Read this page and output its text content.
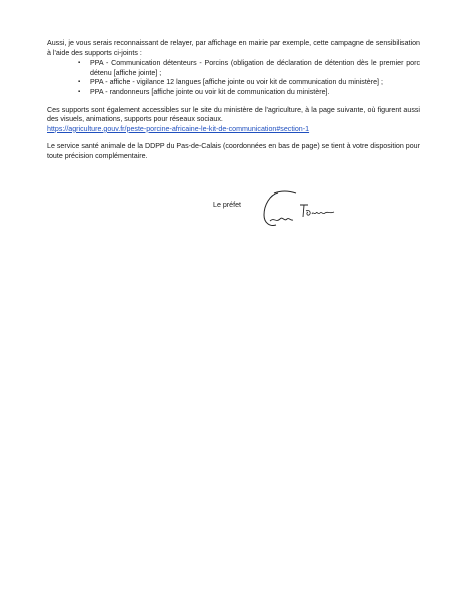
Aussi, je vous serais reconnaissant de relayer, par affichage en mairie par exemple, cette campagne de sensibilisation à l'aide des supports ci-joints :

▪ PPA - Communication détenteurs - Porcins (obligation de déclaration de détention dès le premier porc détenu [affiche jointe] ;
▪ PPA - affiche - vigilance 12 langues [affiche jointe ou voir kit de communication du ministère] ;
▪ PPA - randonneurs [affiche jointe ou voir kit de communication du ministère].

Ces supports sont également accessibles sur le site du ministère de l'agriculture, à la page suivante, où figurent aussi des visuels, animations, supports pour réseaux sociaux.

https://agriculture.gouv.fr/peste-porcine-africaine-le-kit-de-communication#section-1

Le service santé animale de la DDPP du Pas-de-Calais (coordonnées en bas de page) se tient à votre disposition pour toute précision complémentaire.

Le préfet
